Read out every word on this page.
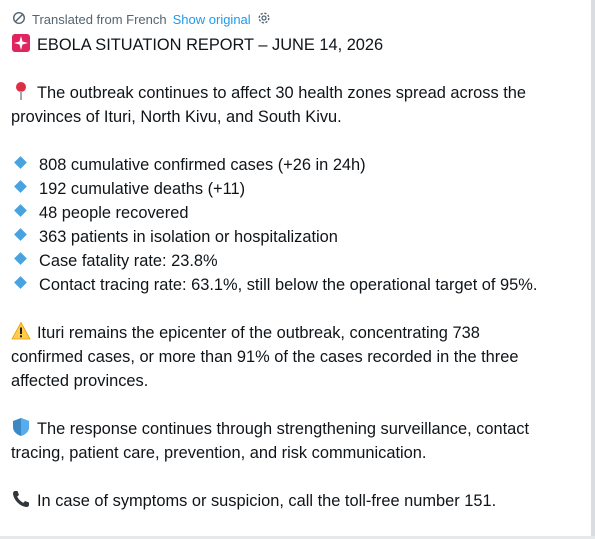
Translated from French Show original
EBOLA SITUATION REPORT – JUNE 14, 2026
The outbreak continues to affect 30 health zones spread across the
provinces of Ituri, North Kivu, and South Kivu.
808 cumulative confirmed cases (+26 in 24h)
192 cumulative deaths (+11)
48 people recovered
363 patients in isolation or hospitalization
Case fatality rate: 23.8%
Contact tracing rate: 63.1%, still below the operational target of 95%.
Ituri remains the epicenter of the outbreak, concentrating 738
confirmed cases, or more than 91% of the cases recorded in the three
affected provinces.
The response continues through strengthening surveillance, contact
tracing, patient care, prevention, and risk communication.
In case of symptoms or suspicion, call the toll-free number 151.
